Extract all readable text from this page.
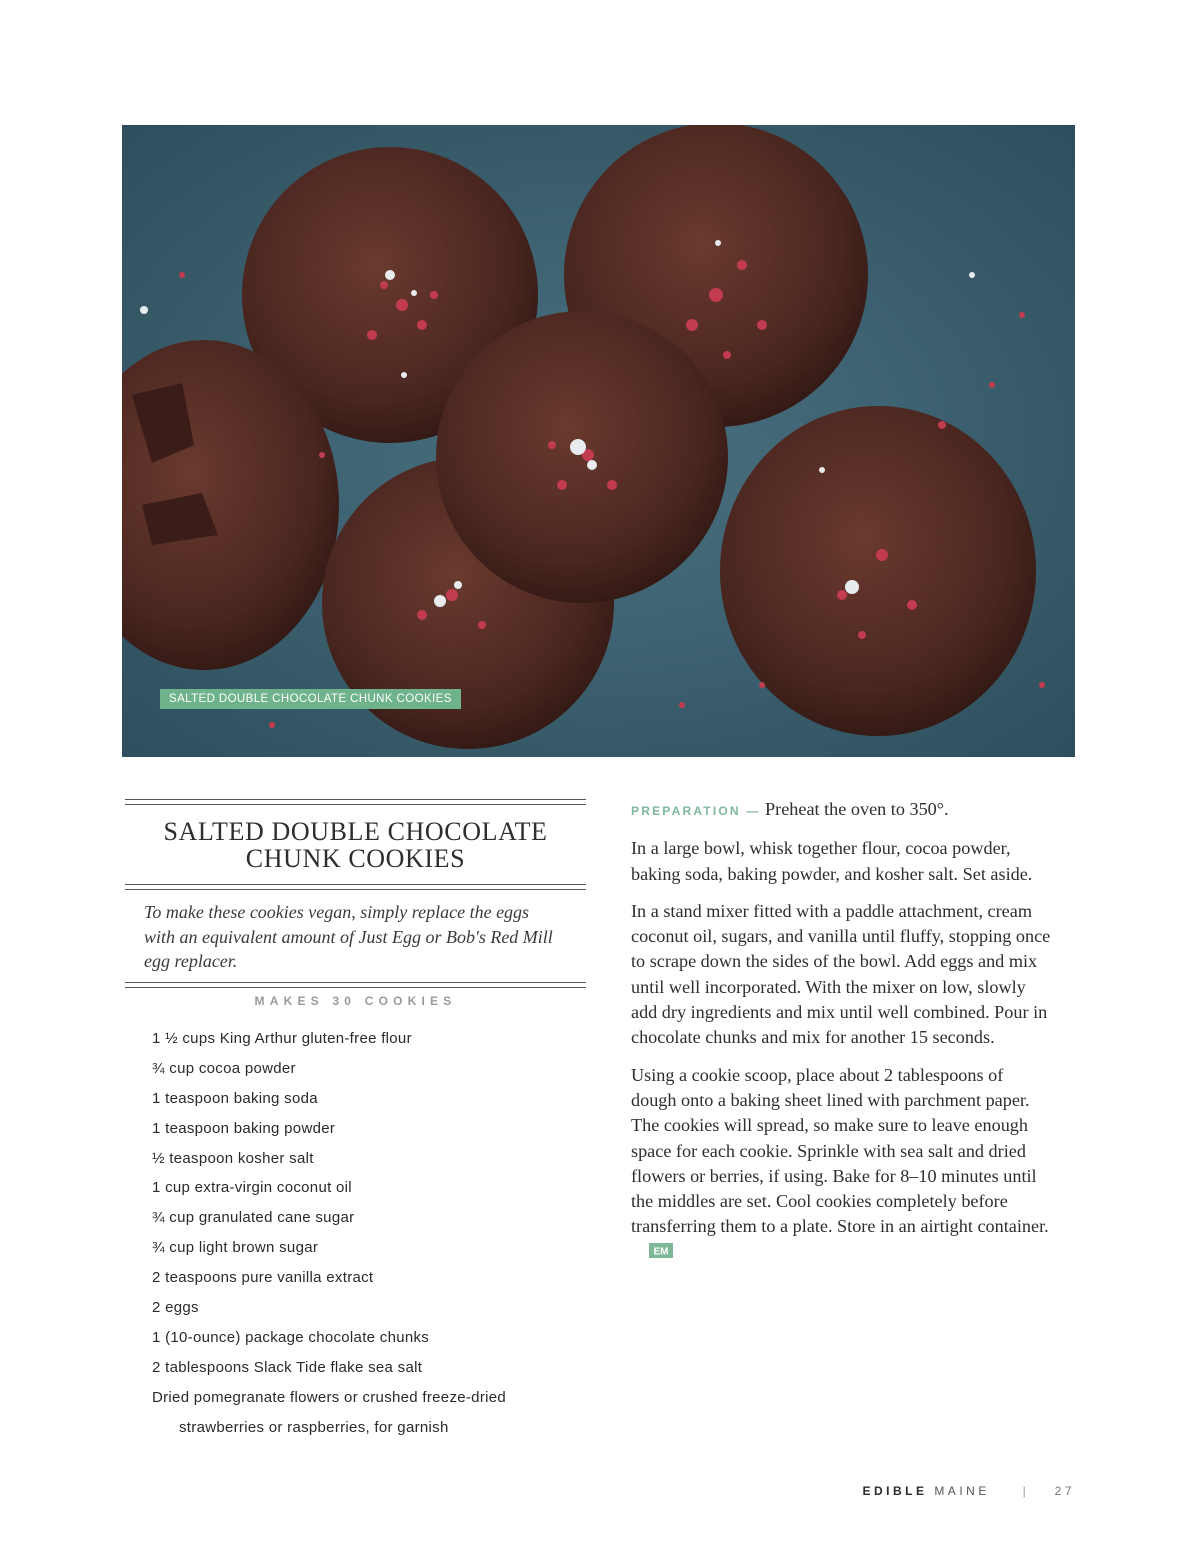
SALTED DOUBLE CHOCOLATE CHUNK COOKIES
SALTED DOUBLE CHOCOLATE
CHUNK COOKIES
To make these cookies vegan, simply replace the eggs with an equivalent amount of Just Egg or Bob's Red Mill egg replacer.
MAKES 30 COOKIES
1 ½ cups King Arthur gluten-free flour
¾ cup cocoa powder
1 teaspoon baking soda
1 teaspoon baking powder
½ teaspoon kosher salt
1 cup extra-virgin coconut oil
¾ cup granulated cane sugar
¾ cup light brown sugar
2 teaspoons pure vanilla extract
2 eggs
1 (10-ounce) package chocolate chunks
2 tablespoons Slack Tide flake sea salt
Dried pomegranate flowers or crushed freeze-dried
strawberries or raspberries, for garnish

PREPARATION — Preheat the oven to 350°.

In a large bowl, whisk together flour, cocoa powder, baking soda, baking powder, and kosher salt. Set aside.

In a stand mixer fitted with a paddle attachment, cream coconut oil, sugars, and vanilla until fluffy, stopping once to scrape down the sides of the bowl. Add eggs and mix until well incorporated. With the mixer on low, slowly add dry ingredients and mix until well combined. Pour in chocolate chunks and mix for another 15 seconds.

Using a cookie scoop, place about 2 tablespoons of dough onto a baking sheet lined with parchment paper. The cookies will spread, so make sure to leave enough space for each cookie. Sprinkle with sea salt and dried flowers or berries, if using. Bake for 8–10 minutes until the middles are set. Cool cookies completely before transferring them to a plate. Store in an airtight container.
EM

EDIBLE MAINE	| 27
